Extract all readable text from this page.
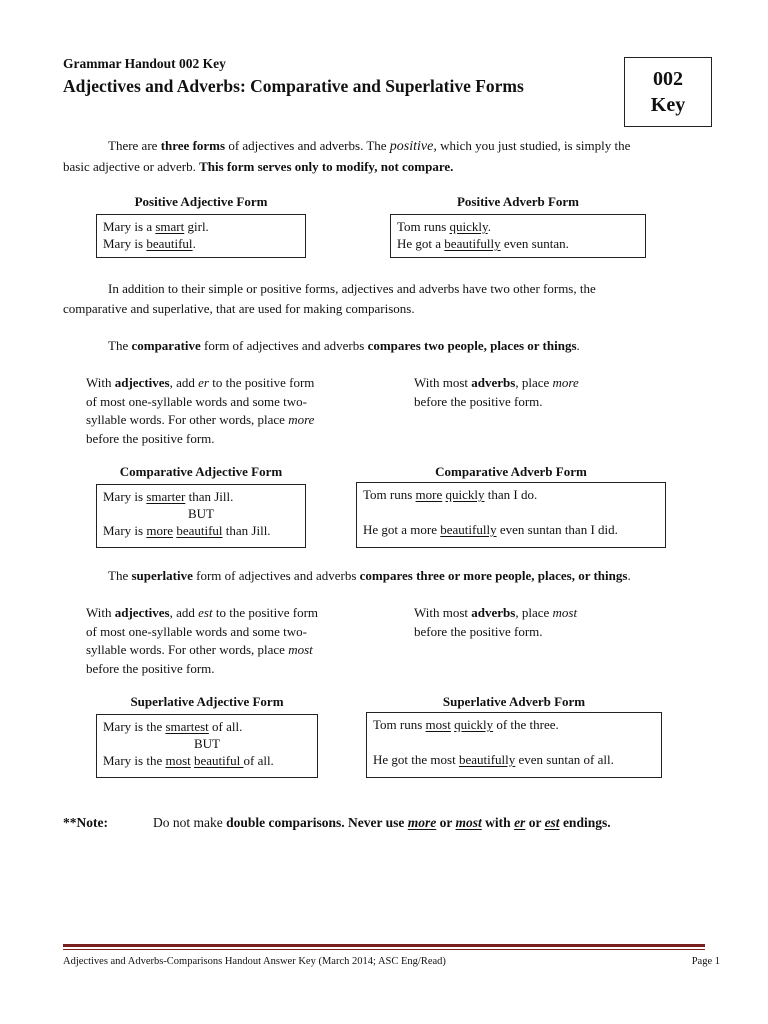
Grammar Handout 002 Key
Adjectives and Adverbs: Comparative and Superlative Forms	002
Key
There are three forms of adjectives and adverbs. The positive, which you just studied, is simply the
basic adjective or adverb. This form serves only to modify, not compare.
Positive Adjective Form	Positive Adverb Form
Mary is a smart girl.
Mary is beautiful.
Tom runs quickly.
He got a beautifully even suntan.
In addition to their simple or positive forms, adjectives and adverbs have two other forms, the
comparative and superlative, that are used for making comparisons.
The comparative form of adjectives and adverbs compares two people, places or things.
With adjectives, add er to the positive form
of most one-syllable words and some two-
syllable words. For other words, place more
before the positive form.
With most adverbs, place more
before the positive form.
Comparative Adjective Form	Comparative Adverb Form
Mary is smarter than Jill.
BUT
Mary is more beautiful than Jill.
Tom runs more quickly than I do.
He got a more beautifully even suntan than I did.
The superlative form of adjectives and adverbs compares three or more people, places, or things.
With adjectives, add est to the positive form
of most one-syllable words and some two-
syllable words. For other words, place most
before the positive form.
With most adverbs, place most
before the positive form.
Superlative Adjective Form	Superlative Adverb Form
Mary is the smartest of all.
BUT
Mary is the most beautiful of all.
Tom runs most quickly of the three.
He got the most beautifully even suntan of all.
**Note:	Do not make double comparisons. Never use more or most with er or est endings.
Adjectives and Adverbs-Comparisons Handout Answer Key (March 2014; ASC Eng/Read)	Page 1
